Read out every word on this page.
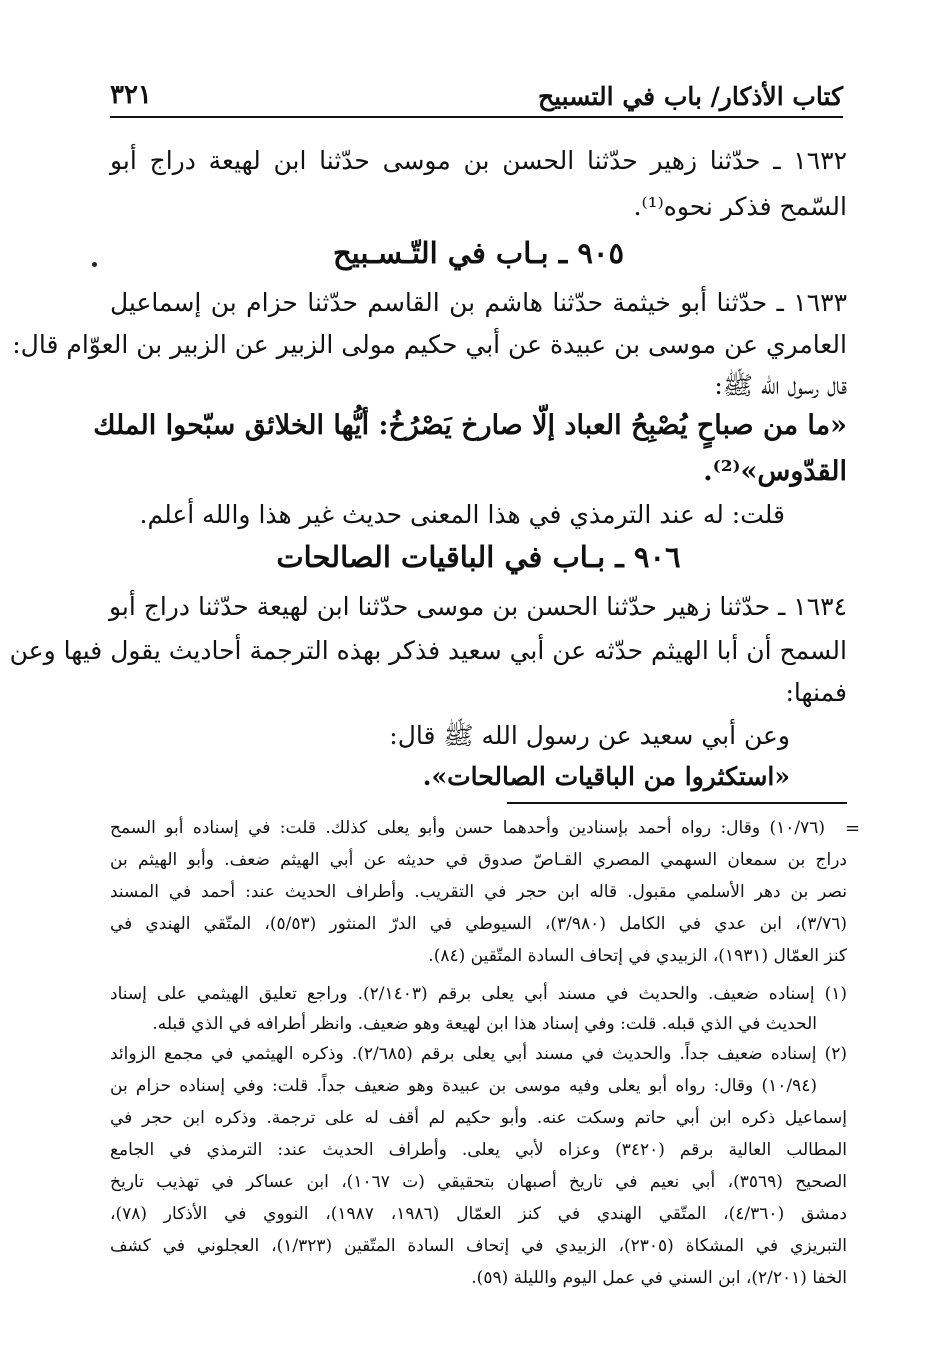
كتاب الأذكار/ باب في التسبيح
٣٢١
١٦٣٢ ـ حدّثنا زهير حدّثنا الحسن بن موسى حدّثنا ابن لهيعة دراج أبو
السّمح فذكر نحوه⁽¹⁾.
٩٠٥ ـ بـاب في التّـسـبيح
١٦٣٣ ـ حدّثنا أبو خيثمة حدّثنا هاشم بن القاسم حدّثنا حزام بن إسماعيل
العامري عن موسى بن عبيدة عن أبي حكيم مولى الزبير عن الزبير بن العوّام قال:
قال رسول الله ﷺ:
«ما من صباحٍ يُصْبِحُ العباد إلّا صارخ يَصْرُخُ: أيُّها الخلائق سبّحوا الملك
القدّوس»⁽²⁾.
قلت: له عند الترمذي في هذا المعنى حديث غير هذا والله أعلم.
٩٠٦ ـ بـاب في الباقيات الصالحات
١٦٣٤ ـ حدّثنا زهير حدّثنا الحسن بن موسى حدّثنا ابن لهيعة حدّثنا دراج أبو
السمح أن أبا الهيثم حدّثه عن أبي سعيد فذكر بهذه الترجمة أحاديث يقول فيها وعن
فمنها:
وعن أبي سعيد عن رسول الله ﷺ قال:
«استكثروا من الباقيات الصالحات».
=
(١٠/٧٦) وقال: رواه أحمد بإسنادين وأحدهما حسن وأبو يعلى كذلك. قلت: في إسناده أبو السمح
دراج بن سمعان السهمي المصري القـاصّ صدوق في حديثه عن أبي الهيثم ضعف. وأبو الهيثم بن
نصر بن دهر الأسلمي مقبول. قاله ابن حجر في التقريب. وأطراف الحديث عند: أحمد في المسند
(٣/٧٦)، ابن عدي في الكامل (٣/٩٨٠)، السيوطي في الدرّ المنثور (٥/٥٣)، المتّقي الهندي في
كنز العمّال (١٩٣١)، الزبيدي في إتحاف السادة المتّقين (٨٤).
(١) إسناده ضعيف. والحديث في مسند أبي يعلى برقم (٢/١٤٠٣). وراجع تعليق الهيثمي على إسناد
الحديث في الذي قبله. قلت: وفي إسناد هذا ابن لهيعة وهو ضعيف. وانظر أطرافه في الذي قبله.
(٢) إسناده ضعيف جداً. والحديث في مسند أبي يعلى برقم (٢/٦٨٥). وذكره الهيثمي في مجمع الزوائد
(١٠/٩٤) وقال: رواه أبو يعلى وفيه موسى بن عبيدة وهو ضعيف جداً. قلت: وفي إسناده حزام بن
إسماعيل ذكره ابن أبي حاتم وسكت عنه. وأبو حكيم لم أقف له على ترجمة. وذكره ابن حجر في
المطالب العالية برقم (٣٤٢٠) وعزاه لأبي يعلى. وأطراف الحديث عند: الترمذي في الجامع
الصحيح (٣٥٦٩)، أبي نعيم في تاريخ أصبهان بتحقيقي (ت ١٠٦٧)، ابن عساكر في تهذيب تاريخ
دمشق (٤/٣٦٠)، المتّقي الهندي في كنز العمّال (١٩٨٦، ١٩٨٧)، النووي في الأذكار (٧٨)،
التبريزي في المشكاة (٢٣٠٥)، الزبيدي في إتحاف السادة المتّقين (١/٣٢٣)، العجلوني في كشف
الخفا (٢/٢٠١)، ابن السني في عمل اليوم والليلة (٥٩).
